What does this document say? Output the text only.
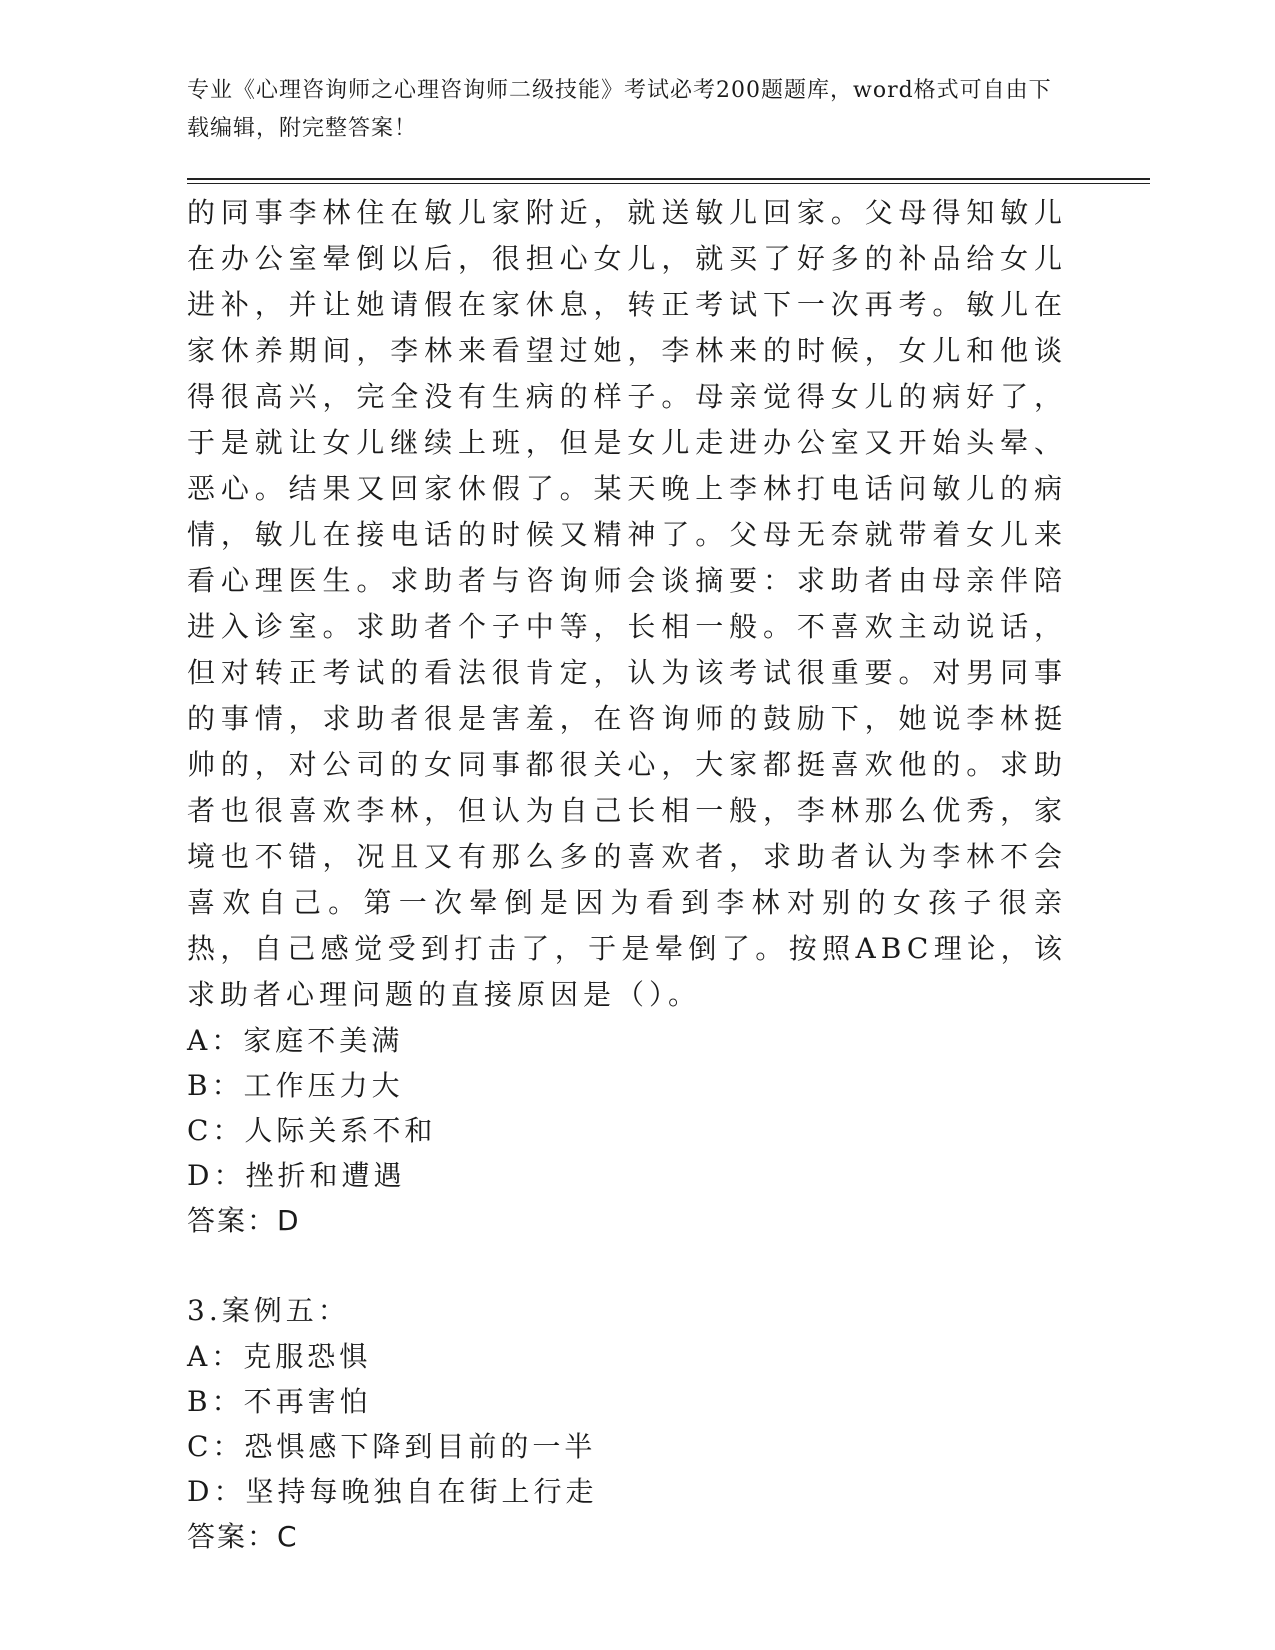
专业《心理咨询师之心理咨询师二级技能》考试必考200题题库，word格式可自由下载编辑，附完整答案！

的同事李林住在敏儿家附近，就送敏儿回家。父母得知敏儿在办公室晕倒以后，很担心女儿，就买了好多的补品给女儿进补，并让她请假在家休息，转正考试下一次再考。敏儿在家休养期间，李林来看望过她，李林来的时候，女儿和他谈得很高兴，完全没有生病的样子。母亲觉得女儿的病好了，于是就让女儿继续上班，但是女儿走进办公室又开始头晕、恶心。结果又回家休假了。某天晚上李林打电话问敏儿的病情，敏儿在接电话的时候又精神了。父母无奈就带着女儿来看心理医生。求助者与咨询师会谈摘要：求助者由母亲伴陪进入诊室。求助者个子中等，长相一般。不喜欢主动说话，但对转正考试的看法很肯定，认为该考试很重要。对男同事的事情，求助者很是害羞，在咨询师的鼓励下，她说李林挺帅的，对公司的女同事都很关心，大家都挺喜欢他的。求助者也很喜欢李林，但认为自己长相一般，李林那么优秀，家境也不错，况且又有那么多的喜欢者，求助者认为李林不会喜欢自己。第一次晕倒是因为看到李林对别的女孩子很亲热，自己感觉受到打击了，于是晕倒了。按照ABC理论，该求助者心理问题的直接原因是（）。

A：家庭不美满

B：工作压力大

C：人际关系不和

D：挫折和遭遇

答案：D

3.案例五：

A：克服恐惧

B：不再害怕

C：恐惧感下降到目前的一半

D：坚持每晚独自在街上行走

答案：C
